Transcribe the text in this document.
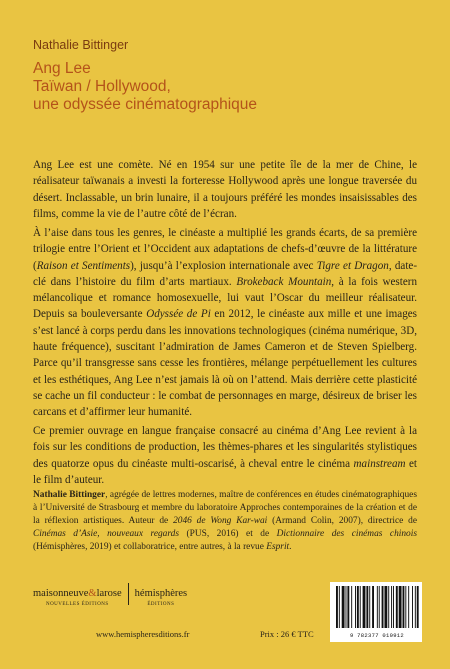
Nathalie Bittinger
Ang Lee
Taïwan / Hollywood,
une odyssée cinématographique

Ang Lee est une comète. Né en 1954 sur une petite île de la mer de Chine, le réalisateur taïwanais a investi la forteresse Hollywood après une longue traversée du désert. Inclassable, un brin lunaire, il a toujours préféré les mondes insaisissables des films, comme la vie de l’autre côté de l’écran.

À l’aise dans tous les genres, le cinéaste a multiplié les grands écarts, de sa première trilogie entre l’Orient et l’Occident aux adaptations de chefs-d’œuvre de la littérature (Raison et Sentiments), jusqu’à l’explosion internationale avec Tigre et Dragon, date-clé dans l’histoire du film d’arts martiaux. Brokeback Mountain, à la fois western mélancolique et romance homosexuelle, lui vaut l’Oscar du meilleur réalisateur. Depuis sa bouleversante Odyssée de Pi en 2012, le cinéaste aux mille et une images s’est lancé à corps perdu dans les innovations technologiques (cinéma numérique, 3D, haute fréquence), suscitant l’admiration de James Cameron et de Steven Spielberg. Parce qu’il transgresse sans cesse les frontières, mélange perpétuellement les cultures et les esthétiques, Ang Lee n’est jamais là où on l’attend. Mais derrière cette plasticité se cache un fil conducteur : le combat de personnages en marge, désireux de briser les carcans et d’affirmer leur humanité.

Ce premier ouvrage en langue française consacré au cinéma d’Ang Lee revient à la fois sur les conditions de production, les thèmes-phares et les singularités stylistiques des quatorze opus du cinéaste multi-oscarisé, à cheval entre le cinéma mainstream et le film d’auteur.

Nathalie Bittinger, agrégée de lettres modernes, maître de conférences en études cinématographiques à l’Université de Strasbourg et membre du laboratoire Approches contemporaines de la création et de la réflexion artistiques. Auteur de 2046 de Wong Kar-wai (Armand Colin, 2007), directrice de Cinémas d’Asie, nouveaux regards (PUS, 2016) et de Dictionnaire des cinémas chinois (Hémisphères, 2019) et collaboratrice, entre autres, à la revue Esprit.
maisonneuve&larose
NOUVELLES ÉDITIONS
hémisphères
ÉDITIONS
www.hemispheresditions.fr	Prix : 26 € TTC	9 782377 010912
